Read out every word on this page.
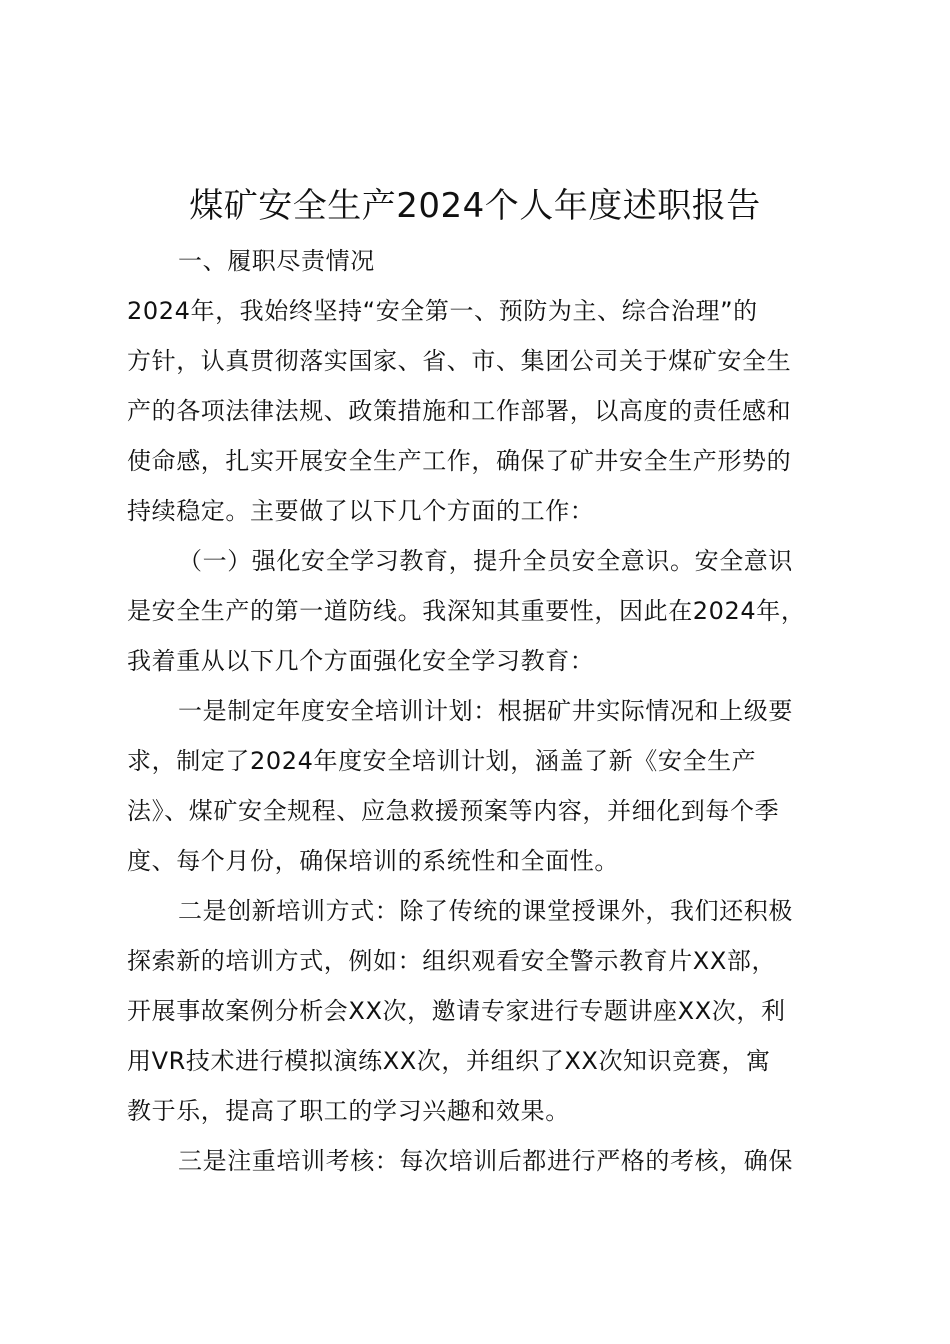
煤矿安全生产2024个人年度述职报告
一、履职尽责情况
2024年，我始终坚持“安全第一、预防为主、综合治理”的
方针，认真贯彻落实国家、省、市、集团公司关于煤矿安全生
产的各项法律法规、政策措施和工作部署，以高度的责任感和
使命感，扎实开展安全生产工作，确保了矿井安全生产形势的
持续稳定。主要做了以下几个方面的工作：
（一）强化安全学习教育，提升全员安全意识。安全意识
是安全生产的第一道防线。我深知其重要性，因此在2024年，
我着重从以下几个方面强化安全学习教育：
一是制定年度安全培训计划：根据矿井实际情况和上级要
求，制定了2024年度安全培训计划，涵盖了新《安全生产
法》、煤矿安全规程、应急救援预案等内容，并细化到每个季
度、每个月份，确保培训的系统性和全面性。
二是创新培训方式：除了传统的课堂授课外，我们还积极
探索新的培训方式，例如：组织观看安全警示教育片XX部，
开展事故案例分析会XX次，邀请专家进行专题讲座XX次，利
用VR技术进行模拟演练XX次，并组织了XX次知识竞赛，寓
教于乐，提高了职工的学习兴趣和效果。
三是注重培训考核：每次培训后都进行严格的考核，确保
